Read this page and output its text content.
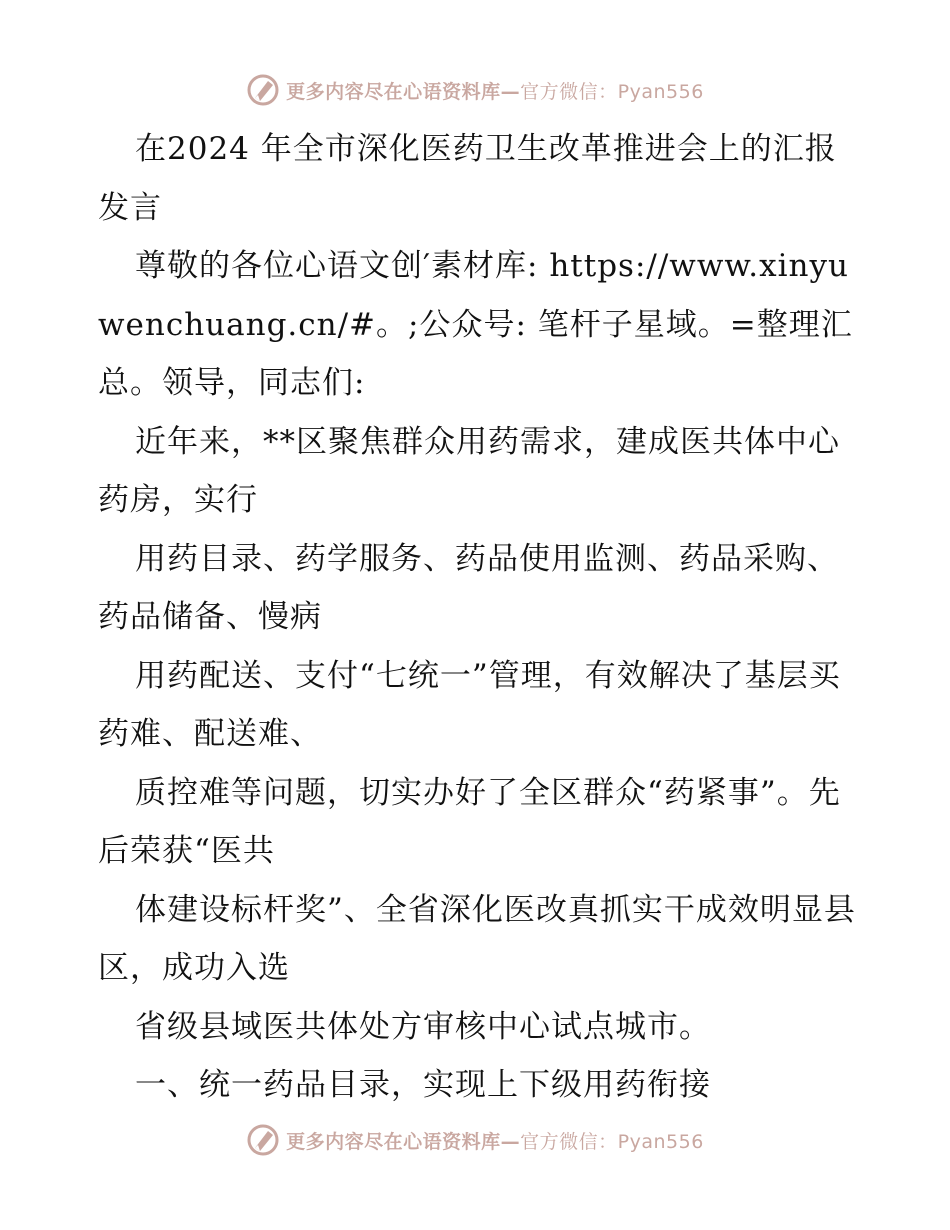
更多内容尽在心语资料库—官方微信：Pyan556

在2024 年全市深化医药卫生改革推进会上的汇报发言

尊敬的各位心语文创′素材库: https://www.xinyuwenchuang.cn/#。;公众号: 笔杆子星域。=整理汇总。领导，同志们:

近年来，**区聚焦群众用药需求，建成医共体中心药房，实行

用药目录、药学服务、药品使用监测、药品采购、药品储备、慢病

用药配送、支付“七统一”管理，有效解决了基层买药难、配送难、

质控难等问题，切实办好了全区群众“药紧事”。先后荣获“医共

体建设标杆奖”、全省深化医改真抓实干成效明显县区，成功入选

省级县域医共体处方审核中心试点城市。

一、统一药品目录，实现上下级用药衔接

更多内容尽在心语资料库—官方微信：Pyan556
